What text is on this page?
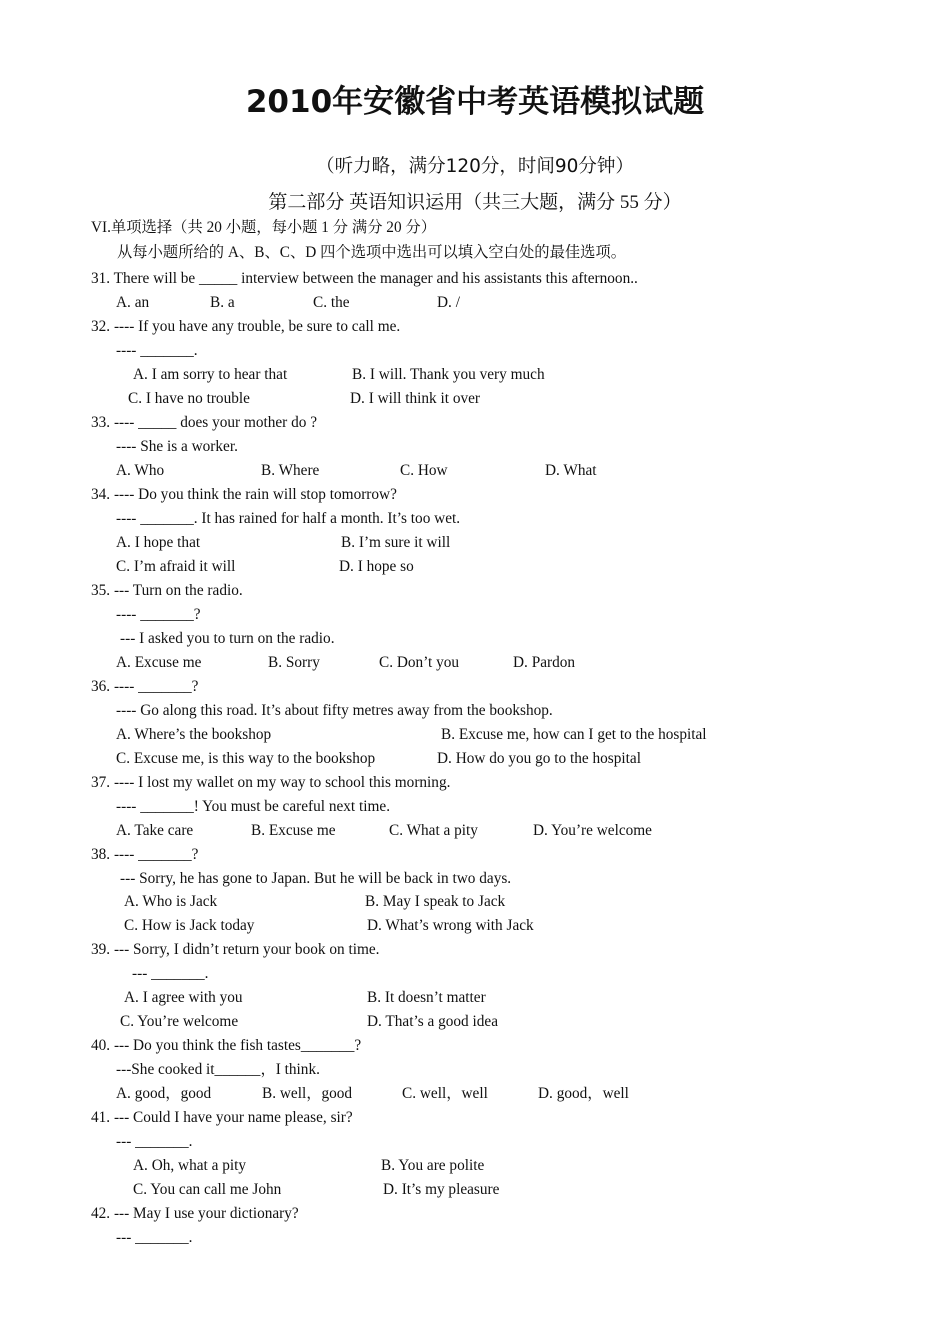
2010年安徽省中考英语模拟试题
（听力略，满分120分，时间90分钟）
第二部分 英语知识运用（共三大题，满分 55 分）
VI.单项选择（共 20 小题，每小题 1 分 满分 20 分）
从每小题所给的 A、B、C、D 四个选项中选出可以填入空白处的最佳选项。
31. There will be _____ interview between the manager and his assistants this afternoon..
A. an	B. a	C. the	D. /
32. ---- If you have any trouble, be sure to call me.
---- _______.
A. I am sorry to hear that	B. I will. Thank you very much
C. I have no trouble	D. I will think it over
33. ---- _____ does your mother do ?
---- She is a worker.
A. Who	B. Where	C. How	D. What
34. ---- Do you think the rain will stop tomorrow?
---- _______. It has rained for half a month. It’s too wet.
A. I hope that	B. I’m sure it will
C. I’m afraid it will	D. I hope so
35. --- Turn on the radio.
---- _______?
--- I asked you to turn on the radio.
A. Excuse me	B. Sorry	C. Don’t you	D. Pardon
36. ---- _______?
---- Go along this road. It’s about fifty metres away from the bookshop.
A. Where’s the bookshop	B. Excuse me, how can I get to the hospital
C. Excuse me, is this way to the bookshop	D. How do you go to the hospital
37. ---- I lost my wallet on my way to school this morning.
---- _______! You must be careful next time.
A. Take care	B. Excuse me	C. What a pity	D. You’re welcome
38. ---- _______?
--- Sorry, he has gone to Japan. But he will be back in two days.
A. Who is Jack	B. May I speak to Jack
C. How is Jack today	D. What’s wrong with Jack
39. --- Sorry, I didn’t return your book on time.
--- _______.
A. I agree with you	B. It doesn’t matter
C. You’re welcome	D. That’s a good idea
40. --- Do you think the fish tastes_______?
---She cooked it______，I think.
A. good，good	B. well，good	C. well，well	D. good，well
41. --- Could I have your name please, sir?
--- _______.
A. Oh, what a pity	B. You are polite
C. You can call me John	D. It’s my pleasure
42. --- May I use your dictionary?
--- _______.
